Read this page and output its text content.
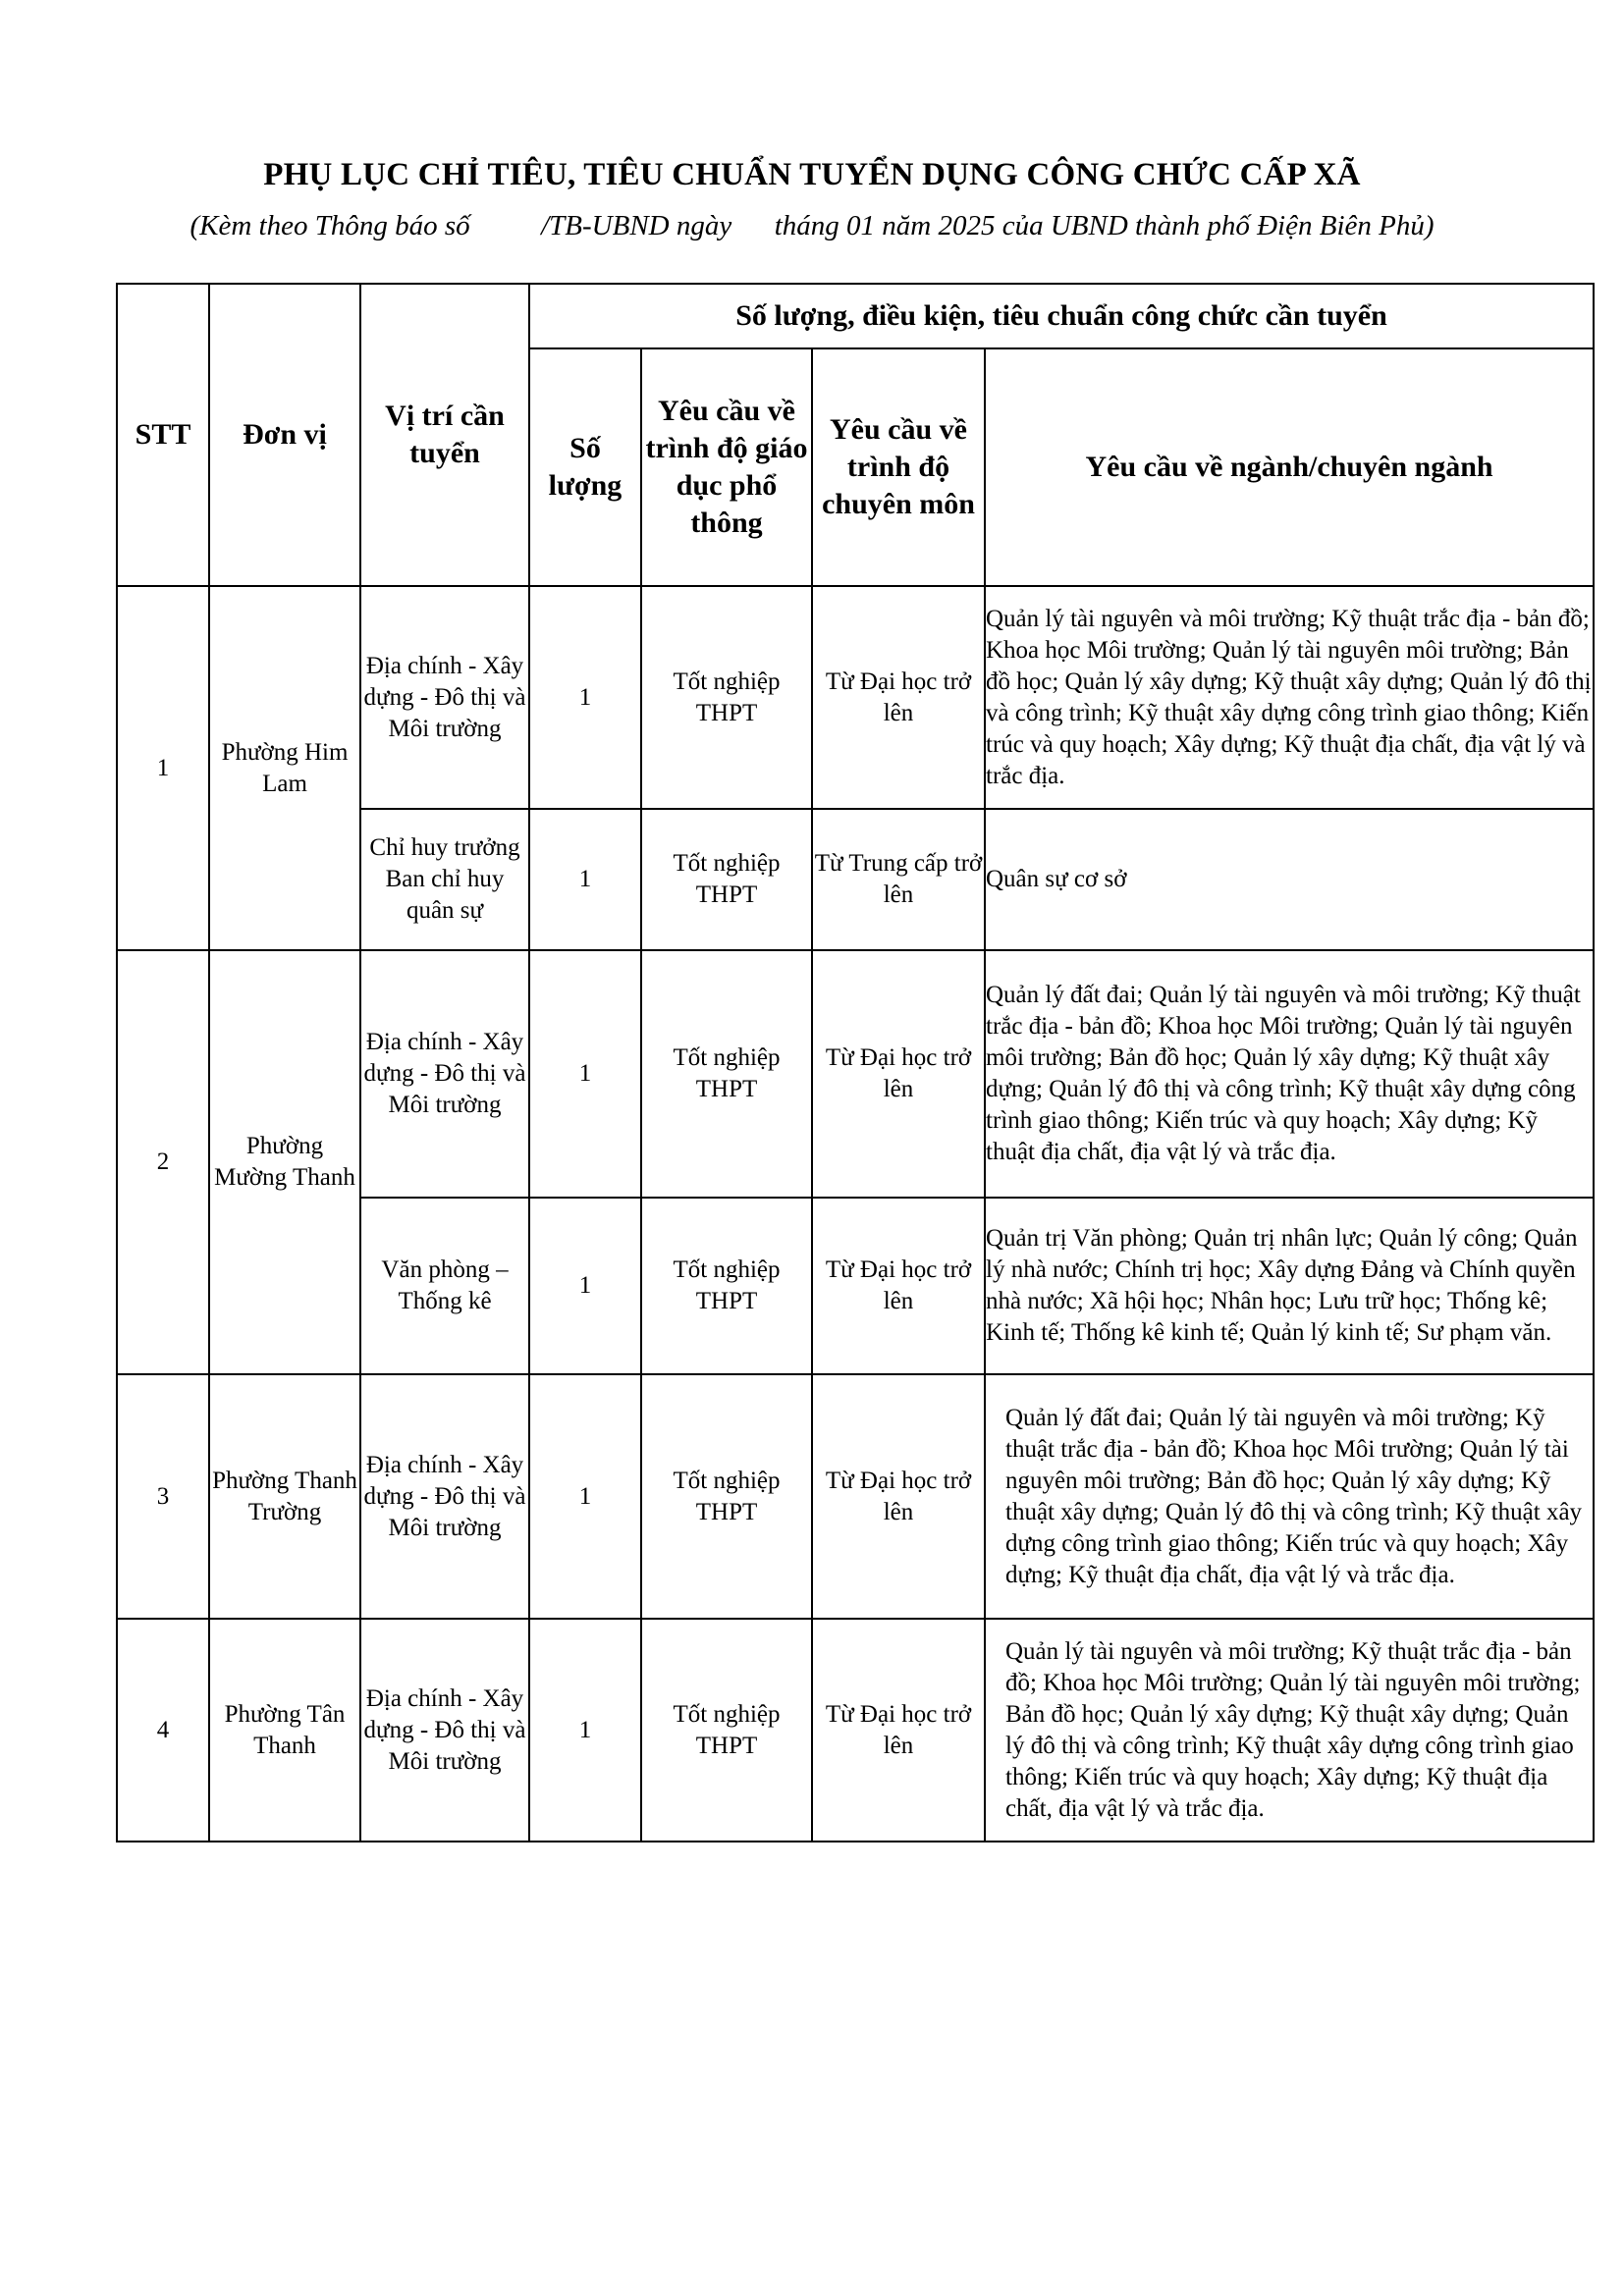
PHỤ LỤC CHỈ TIÊU, TIÊU CHUẨN TUYỂN DỤNG CÔNG CHỨC CẤP XÃ
(Kèm theo Thông báo số          /TB-UBND ngày      tháng 01 năm 2025 của UBND thành phố Điện Biên Phủ)
STT	Đơn vị	Vị trí cần tuyển	Số lượng, điều kiện, tiêu chuẩn công chức cần tuyển			
			Số lượng	Yêu cầu về trình độ giáo dục phổ thông	Yêu cầu về trình độ chuyên môn	Yêu cầu về ngành/chuyên ngành
1	Phường Him Lam	Địa chính - Xây dựng - Đô thị và Môi trường	1	Tốt nghiệp THPT	Từ Đại học trở lên	Quản lý tài nguyên và môi trường; Kỹ thuật trắc địa - bản đồ; Khoa học Môi trường; Quản lý tài nguyên môi trường; Bản đồ học; Quản lý xây dựng; Kỹ thuật xây dựng; Quản lý đô thị và công trình; Kỹ thuật xây dựng công trình giao thông; Kiến trúc và quy hoạch; Xây dựng; Kỹ thuật địa chất, địa vật lý và trắc địa.
		Chỉ huy trưởng Ban chỉ huy quân sự	1	Tốt nghiệp THPT	Từ Trung cấp trở lên	Quân sự cơ sở
2	Phường Mường Thanh	Địa chính - Xây dựng - Đô thị và Môi trường	1	Tốt nghiệp THPT	Từ Đại học trở lên	Quản lý đất đai; Quản lý tài nguyên và môi trường; Kỹ thuật trắc địa - bản đồ; Khoa học Môi trường; Quản lý tài nguyên môi trường; Bản đồ học; Quản lý xây dựng; Kỹ thuật xây dựng; Quản lý đô thị và công trình; Kỹ thuật xây dựng công trình giao thông; Kiến trúc và quy hoạch; Xây dựng; Kỹ thuật địa chất, địa vật lý và trắc địa.
		Văn phòng – Thống kê	1	Tốt nghiệp THPT	Từ Đại học trở lên	Quản trị Văn phòng; Quản trị nhân lực; Quản lý công; Quản lý nhà nước; Chính trị học; Xây dựng Đảng và Chính quyền nhà nước; Xã hội học; Nhân học; Lưu trữ học; Thống kê; Kinh tế; Thống kê kinh tế; Quản lý kinh tế; Sư phạm văn.
3	Phường Thanh Trường	Địa chính - Xây dựng - Đô thị và Môi trường	1	Tốt nghiệp THPT	Từ Đại học trở lên	Quản lý đất đai; Quản lý tài nguyên và môi trường; Kỹ thuật trắc địa - bản đồ; Khoa học Môi trường; Quản lý tài nguyên môi trường; Bản đồ học; Quản lý xây dựng; Kỹ thuật xây dựng; Quản lý đô thị và công trình; Kỹ thuật xây dựng công trình giao thông; Kiến trúc và quy hoạch; Xây dựng; Kỹ thuật địa chất, địa vật lý và trắc địa.
4	Phường Tân Thanh	Địa chính - Xây dựng - Đô thị và Môi trường	1	Tốt nghiệp THPT	Từ Đại học trở lên	Quản lý tài nguyên và môi trường; Kỹ thuật trắc địa - bản đồ; Khoa học Môi trường; Quản lý tài nguyên môi trường; Bản đồ học; Quản lý xây dựng; Kỹ thuật xây dựng; Quản lý đô thị và công trình; Kỹ thuật xây dựng công trình giao thông; Kiến trúc và quy hoạch; Xây dựng; Kỹ thuật địa chất, địa vật lý và trắc địa.
